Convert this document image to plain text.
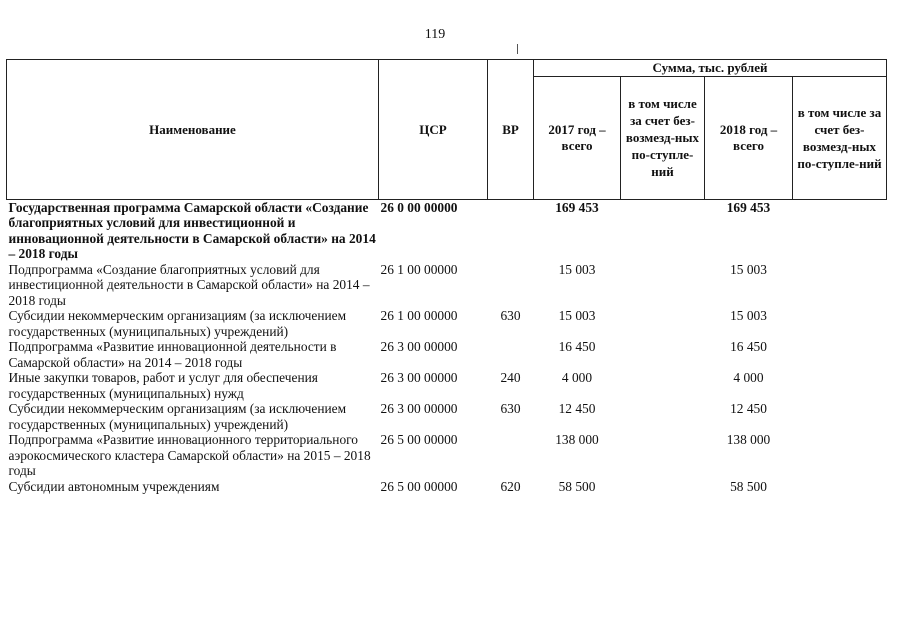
119
Наименование	ЦСР	ВР	Сумма, тыс. рублей			
			2017 год – всего	в том числе за счет без-возмезд-ных по-ступле-ний	2018 год – всего	в том числе за счет без-возмезд-ных по-ступле-ний
Государственная программа Самарской области «Создание благоприятных условий для инвестиционной и инновационной деятельности в Самарской области» на 2014 – 2018 годы	26 0 00 00000		169 453		169 453	
Подпрограмма «Создание благоприятных условий для инвестиционной деятельности в Самарской области» на 2014 – 2018 годы	26 1 00 00000		15 003		15 003	
Субсидии некоммерческим организациям (за исключением государственных (муниципальных) учреждений)	26 1 00 00000	630	15 003		15 003	
Подпрограмма «Развитие инновационной деятельности в Самарской области» на 2014 – 2018 годы	26 3 00 00000		16 450		16 450	
Иные закупки товаров, работ и услуг для обеспечения государственных (муниципальных) нужд	26 3 00 00000	240	4 000		4 000	
Субсидии некоммерческим организациям (за исключением государственных (муниципальных) учреждений)	26 3 00 00000	630	12 450		12 450	
Подпрограмма «Развитие инновационного территориального аэрокосмического кластера Самарской области» на 2015 – 2018 годы	26 5 00 00000		138 000		138 000	
Субсидии автономным учреждениям	26 5 00 00000	620	58 500		58 500	
